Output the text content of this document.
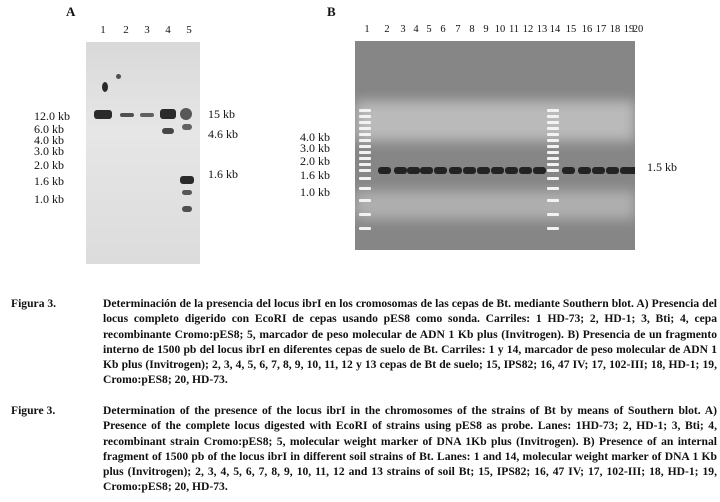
A
1	2	3	4	5
12.0 kb
6.0 kb
4.0 kb
3.0 kb
2.0 kb
1.6 kb
1.0 kb
15 kb
4.6 kb
1.6 kb
B
1	2	3 4 5 6 7 8 9 10 11 12 13 14 15 16 17 18 19
20
4.0 kb
3.0 kb
2.0 kb
1.6 kb
1.0 kb
1.5 kb
Figura 3.	Determinación de la presencia del locus ibrI en los cromosomas de las cepas de Bt. mediante Southern blot. A) Presencia del locus completo digerido con EcoRI de cepas usando pES8 como sonda. Carriles: 1 HD-73; 2, HD-1; 3, Bti; 4, cepa recombinante Cromo:pES8; 5, marcador de peso molecular de ADN 1 Kb plus (Invitrogen). B) Presencia de un fragmento interno de 1500 pb del locus ibrI en diferentes cepas de suelo de Bt. Carriles: 1 y 14, marcador de peso molecular de ADN 1 Kb plus (Invitrogen); 2, 3, 4, 5, 6, 7, 8, 9, 10, 11, 12 y 13 cepas de Bt de suelo; 15, IPS82; 16, 47 IV; 17, 102-III; 18, HD-1; 19, Cromo:pES8; 20, HD-73.
Figure 3.	Determination of the presence of the locus ibrI in the chromosomes of the strains of Bt by means of Southern blot. A) Presence of the complete locus digested with EcoRI of strains using pES8 as probe. Lanes: 1HD-73; 2, HD-1; 3, Bti; 4, recombinant strain Cromo:pES8; 5, molecular weight marker of DNA 1Kb plus (Invitrogen). B) Presence of an internal fragment of 1500 pb of the locus ibrI in different soil strains of Bt. Lanes: 1 and 14, molecular weight marker of DNA 1 Kb plus (Invitrogen); 2, 3, 4, 5, 6, 7, 8, 9, 10, 11, 12 and 13 strains of soil Bt; 15, IPS82; 16, 47 IV; 17, 102-III; 18, HD-1; 19, Cromo:pES8; 20, HD-73.
